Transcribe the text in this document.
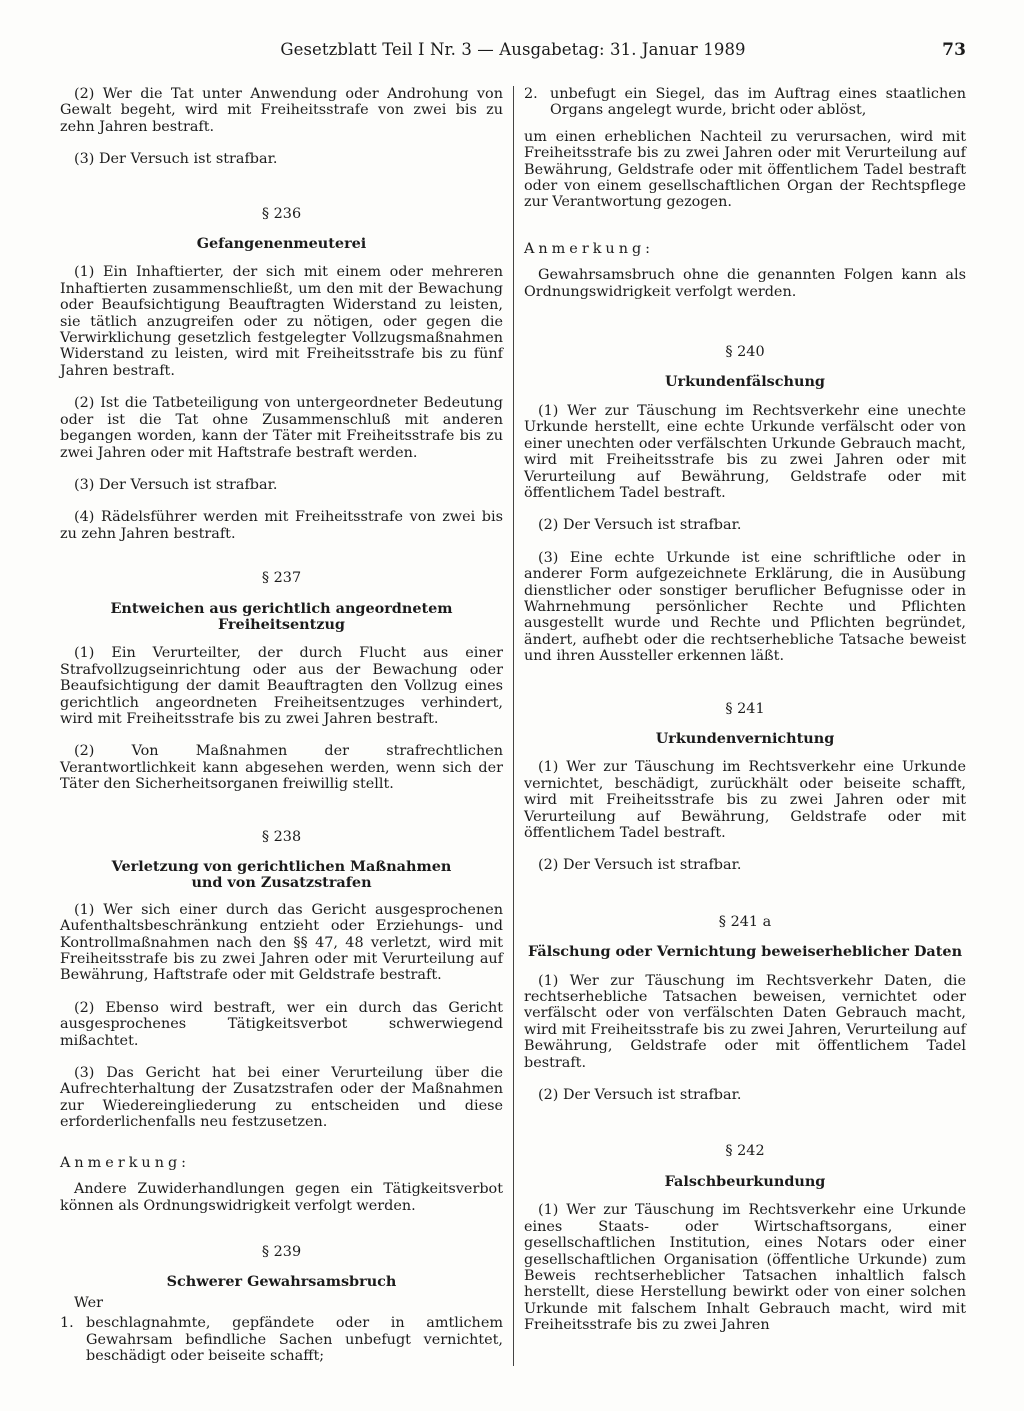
Gesetzblatt Teil I Nr. 3 — Ausgabetag: 31. Januar 1989	73

(2) Wer die Tat unter Anwendung oder Androhung von Gewalt begeht, wird mit Freiheitsstrafe von zwei bis zu zehn Jahren bestraft.

(3) Der Versuch ist strafbar.

§ 236
Gefangenenmeuterei

(1) Ein Inhaftierter, der sich mit einem oder mehreren Inhaftierten zusammenschließt, um den mit der Bewachung oder Beaufsichtigung Beauftragten Widerstand zu leisten, sie tätlich anzugreifen oder zu nötigen, oder gegen die Verwirklichung gesetzlich festgelegter Vollzugsmaßnahmen Widerstand zu leisten, wird mit Freiheitsstrafe bis zu fünf Jahren bestraft.

(2) Ist die Tatbeteiligung von untergeordneter Bedeutung oder ist die Tat ohne Zusammenschluß mit anderen begangen worden, kann der Täter mit Freiheitsstrafe bis zu zwei Jahren oder mit Haftstrafe bestraft werden.

(3) Der Versuch ist strafbar.

(4) Rädelsführer werden mit Freiheitsstrafe von zwei bis zu zehn Jahren bestraft.

§ 237
Entweichen aus gerichtlich angeordnetem Freiheitsentzug

(1) Ein Verurteilter, der durch Flucht aus einer Strafvollzugseinrichtung oder aus der Bewachung oder Beaufsichtigung der damit Beauftragten den Vollzug eines gerichtlich angeordneten Freiheitsentzuges verhindert, wird mit Freiheitsstrafe bis zu zwei Jahren bestraft.

(2) Von Maßnahmen der strafrechtlichen Verantwortlichkeit kann abgesehen werden, wenn sich der Täter den Sicherheitsorganen freiwillig stellt.

§ 238
Verletzung von gerichtlichen Maßnahmen
und von Zusatzstrafen

(1) Wer sich einer durch das Gericht ausgesprochenen Aufenthaltsbeschränkung entzieht oder Erziehungs- und Kontrollmaßnahmen nach den §§ 47, 48 verletzt, wird mit Freiheitsstrafe bis zu zwei Jahren oder mit Verurteilung auf Bewährung, Haftstrafe oder mit Geldstrafe bestraft.

(2) Ebenso wird bestraft, wer ein durch das Gericht ausgesprochenes Tätigkeitsverbot schwerwiegend mißachtet.

(3) Das Gericht hat bei einer Verurteilung über die Aufrechterhaltung der Zusatzstrafen oder der Maßnahmen zur Wiedereingliederung zu entscheiden und diese erforderlichenfalls neu festzusetzen.

Anmerkung:
Andere Zuwiderhandlungen gegen ein Tätigkeitsverbot können als Ordnungswidrigkeit verfolgt werden.
§ 239
Schwerer Gewahrsamsbruch
Wer
1. beschlagnahmte, gepfändete oder in amtlichem Gewahrsam befindliche Sachen unbefugt vernichtet, beschädigt oder beiseite schafft;
2. unbefugt ein Siegel, das im Auftrag eines staatlichen Organs angelegt wurde, bricht oder ablöst,

um einen erheblichen Nachteil zu verursachen, wird mit Freiheitsstrafe bis zu zwei Jahren oder mit Verurteilung auf Bewährung, Geldstrafe oder mit öffentlichem Tadel bestraft oder von einem gesellschaftlichen Organ der Rechtspflege zur Verantwortung gezogen.

Anmerkung:
Gewahrsamsbruch ohne die genannten Folgen kann als Ordnungswidrigkeit verfolgt werden.
§ 240
Urkundenfälschung

(1) Wer zur Täuschung im Rechtsverkehr eine unechte Urkunde herstellt, eine echte Urkunde verfälscht oder von einer unechten oder verfälschten Urkunde Gebrauch macht, wird mit Freiheitsstrafe bis zu zwei Jahren oder mit Verurteilung auf Bewährung, Geldstrafe oder mit öffentlichem Tadel bestraft.

(2) Der Versuch ist strafbar.

(3) Eine echte Urkunde ist eine schriftliche oder in anderer Form aufgezeichnete Erklärung, die in Ausübung dienstlicher oder sonstiger beruflicher Befugnisse oder in Wahrnehmung persönlicher Rechte und Pflichten ausgestellt wurde und Rechte und Pflichten begründet, ändert, aufhebt oder die rechtserhebliche Tatsache beweist und ihren Aussteller erkennen läßt.

§ 241
Urkundenvernichtung

(1) Wer zur Täuschung im Rechtsverkehr eine Urkunde vernichtet, beschädigt, zurückhält oder beiseite schafft, wird mit Freiheitsstrafe bis zu zwei Jahren oder mit Verurteilung auf Bewährung, Geldstrafe oder mit öffentlichem Tadel bestraft.

(2) Der Versuch ist strafbar.

§ 241 a
Fälschung oder Vernichtung beweiserheblicher Daten

(1) Wer zur Täuschung im Rechtsverkehr Daten, die rechtserhebliche Tatsachen beweisen, vernichtet oder verfälscht oder von verfälschten Daten Gebrauch macht, wird mit Freiheitsstrafe bis zu zwei Jahren, Verurteilung auf Bewährung, Geldstrafe oder mit öffentlichem Tadel bestraft.

(2) Der Versuch ist strafbar.

§ 242
Falschbeurkundung

(1) Wer zur Täuschung im Rechtsverkehr eine Urkunde eines Staats- oder Wirtschaftsorgans, einer gesellschaftlichen Institution, eines Notars oder einer gesellschaftlichen Organisation (öffentliche Urkunde) zum Beweis rechtserheblicher Tatsachen inhaltlich falsch herstellt, diese Herstellung bewirkt oder von einer solchen Urkunde mit falschem Inhalt Gebrauch macht, wird mit Freiheitsstrafe bis zu zwei Jahren
